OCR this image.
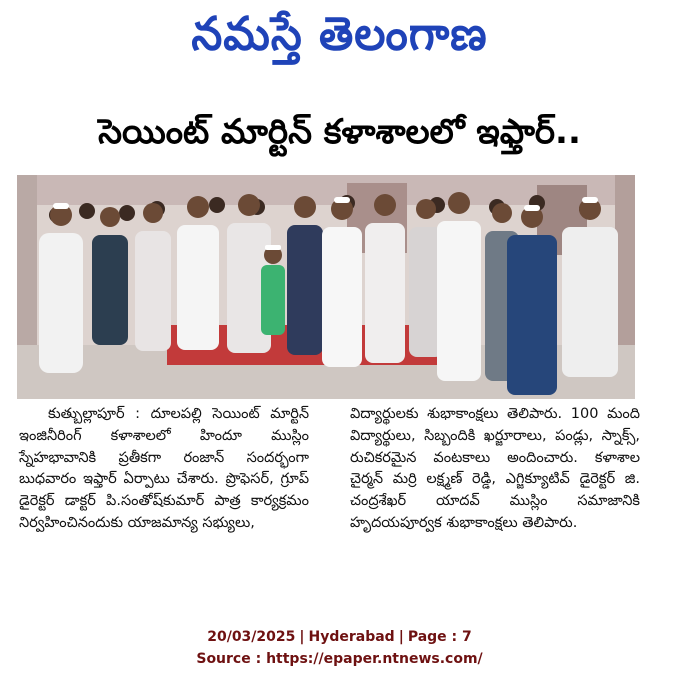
నమస్తే తెలంగాణ
సెయింట్ మార్టిన్ కళాశాలలో ఇఫ్తార్..

కుత్బుల్లాపూర్ : దూలపల్లి సెయింట్ మార్టిన్ ఇంజినీరింగ్ కళాశాలలో హిందూ ముస్లిం స్నేహభావానికి ప్రతీకగా రంజాన్ సందర్భంగా బుధవారం ఇఫ్తార్ ఏర్పాటు చేశారు. ప్రొఫెసర్, గ్రూప్ డైరెక్టర్ డాక్టర్ పి.సంతోష్‌కుమార్ పాత్ర కార్యక్రమం నిర్వహించినందుకు యాజమాన్య సభ్యులు,

విద్యార్థులకు శుభాకాంక్షలు తెలిపారు. 100 మంది విద్యార్థులు, సిబ్బందికి ఖర్జూరాలు, పండ్లు, స్నాక్స్, రుచికరమైన వంటకాలు అందించారు. కళాశాల చైర్మన్ మర్రి లక్ష్మణ్ రెడ్డి, ఎగ్జిక్యూటివ్ డైరెక్టర్ జి. చంద్రశేఖర్ యాదవ్ ముస్లిం సమాజానికి హృదయపూర్వక శుభాకాంక్షలు తెలిపారు.

20/03/2025 | Hyderabad | Page : 7
Source : https://epaper.ntnews.com/
